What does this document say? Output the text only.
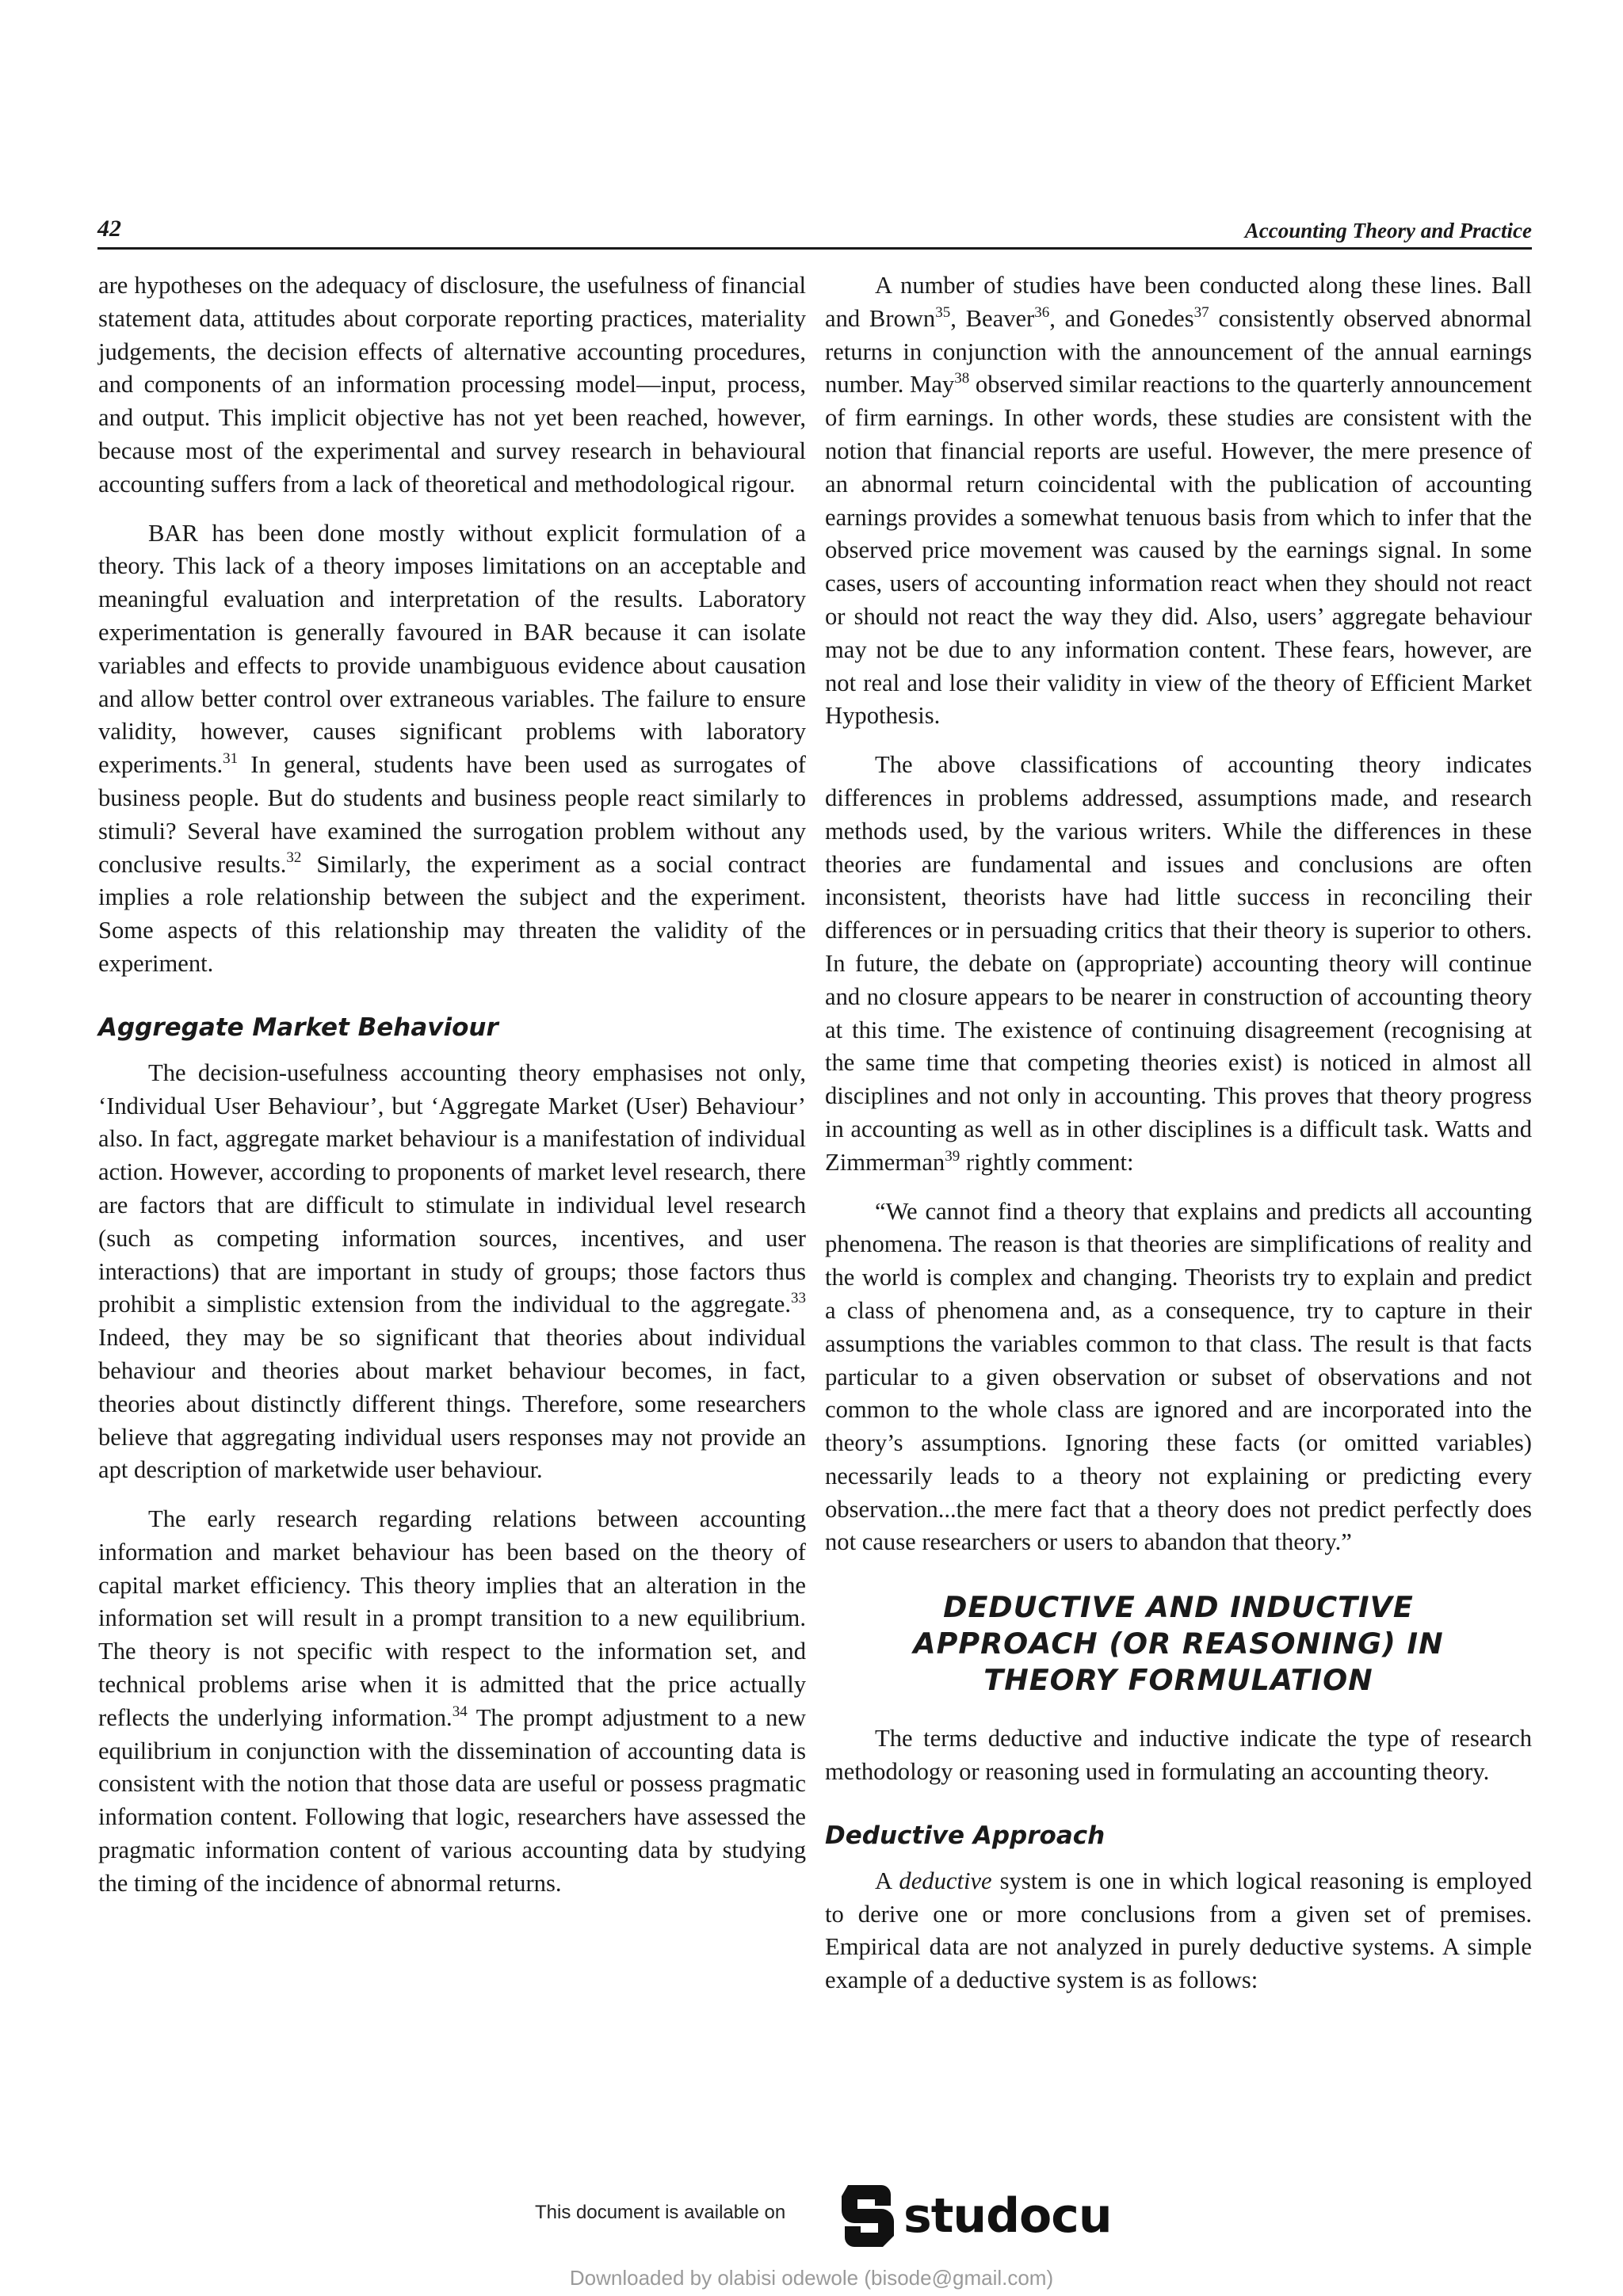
42	Accounting Theory and Practice

are hypotheses on the adequacy of disclosure, the usefulness of financial statement data, attitudes about corporate reporting practices, materiality judgements, the decision effects of alternative accounting procedures, and components of an information processing model—input, process, and output. This implicit objective has not yet been reached, however, because most of the experimental and survey research in behavioural accounting suffers from a lack of theoretical and methodological rigour.

BAR has been done mostly without explicit formulation of a theory. This lack of a theory imposes limitations on an acceptable and meaningful evaluation and interpretation of the results. Laboratory experimentation is generally favoured in BAR because it can isolate variables and effects to provide unambiguous evidence about causation and allow better control over extraneous variables. The failure to ensure validity, however, causes significant problems with laboratory experiments.$^{31}$ In general, students have been used as surrogates of business people. But do students and business people react similarly to stimuli? Several have examined the surrogation problem without any conclusive results.$^{32}$ Similarly, the experiment as a social contract implies a role relationship between the subject and the experiment. Some aspects of this relationship may threaten the validity of the experiment.

Aggregate Market Behaviour

The decision-usefulness accounting theory emphasises not only, ‘Individual User Behaviour’, but ‘Aggregate Market (User) Behaviour’ also. In fact, aggregate market behaviour is a manifestation of individual action. However, according to proponents of market level research, there are factors that are difficult to stimulate in individual level research (such as competing information sources, incentives, and user interactions) that are important in study of groups; those factors thus prohibit a simplistic extension from the individual to the aggregate.$^{33}$ Indeed, they may be so significant that theories about individual behaviour and theories about market behaviour becomes, in fact, theories about distinctly different things. Therefore, some researchers believe that aggregating individual users responses may not provide an apt description of marketwide user behaviour.

The early research regarding relations between accounting information and market behaviour has been based on the theory of capital market efficiency. This theory implies that an alteration in the information set will result in a prompt transition to a new equilibrium. The theory is not specific with respect to the information set, and technical problems arise when it is admitted that the price actually reflects the underlying information.$^{34}$ The prompt adjustment to a new equilibrium in conjunction with the dissemination of accounting data is consistent with the notion that those data are useful or possess pragmatic information content. Following that logic, researchers have assessed the pragmatic information content of various accounting data by studying the timing of the incidence of abnormal returns.

A number of studies have been conducted along these lines. Ball and Brown$^{35}$, Beaver$^{36}$, and Gonedes$^{37}$ consistently observed abnormal returns in conjunction with the announcement of the annual earnings number. May$^{38}$ observed similar reactions to the quarterly announcement of firm earnings. In other words, these studies are consistent with the notion that financial reports are useful. However, the mere presence of an abnormal return coincidental with the publication of accounting earnings provides a somewhat tenuous basis from which to infer that the observed price movement was caused by the earnings signal. In some cases, users of accounting information react when they should not react or should not react the way they did. Also, users’ aggregate behaviour may not be due to any information content. These fears, however, are not real and lose their validity in view of the theory of Efficient Market Hypothesis.

The above classifications of accounting theory indicates differences in problems addressed, assumptions made, and research methods used, by the various writers. While the differences in these theories are fundamental and issues and conclusions are often inconsistent, theorists have had little success in reconciling their differences or in persuading critics that their theory is superior to others. In future, the debate on (appropriate) accounting theory will continue and no closure appears to be nearer in construction of accounting theory at this time. The existence of continuing disagreement (recognising at the same time that competing theories exist) is noticed in almost all disciplines and not only in accounting. This proves that theory progress in accounting as well as in other disciplines is a difficult task. Watts and Zimmerman$^{39}$ rightly comment:

“We cannot find a theory that explains and predicts all accounting phenomena. The reason is that theories are simplifications of reality and the world is complex and changing. Theorists try to explain and predict a class of phenomena and, as a consequence, try to capture in their assumptions the variables common to that class. The result is that facts particular to a given observation or subset of observations and not common to the whole class are ignored and are incorporated into the theory’s assumptions. Ignoring these facts (or omitted variables) necessarily leads to a theory not explaining or predicting every observation...the mere fact that a theory does not predict perfectly does not cause researchers or users to abandon that theory.”

DEDUCTIVE AND INDUCTIVE
APPROACH (OR REASONING) IN
THEORY FORMULATION

The terms deductive and inductive indicate the type of research methodology or reasoning used in formulating an accounting theory.

Deductive Approach

A deductive system is one in which logical reasoning is employed to derive one or more conclusions from a given set of premises. Empirical data are not analyzed in purely deductive systems. A simple example of a deductive system is as follows:

This document is available on studocu
Downloaded by olabisi odewole (bisode@gmail.com)
